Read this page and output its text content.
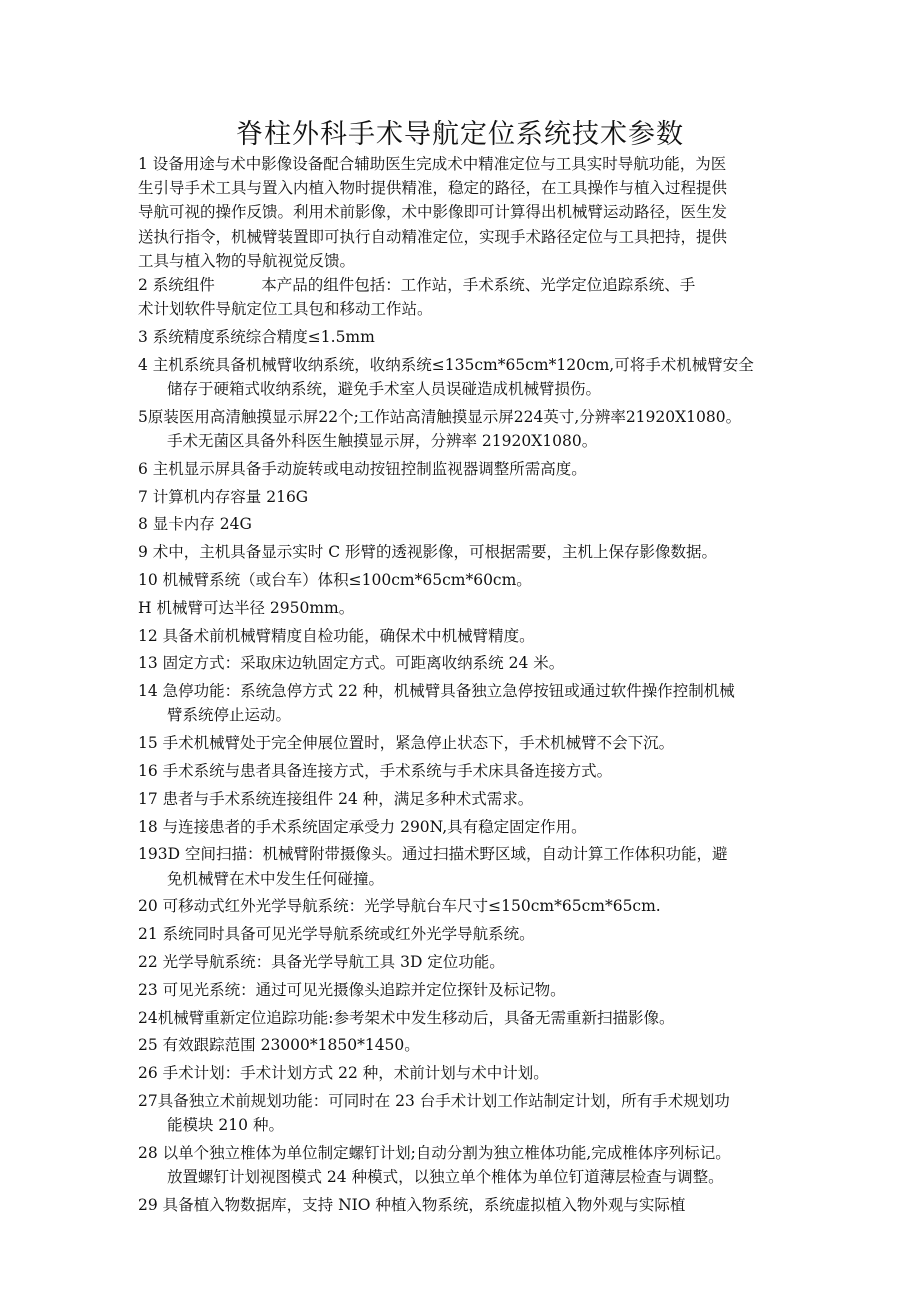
脊柱外科手术导航定位系统技术参数
1 设备用途与术中影像设备配合辅助医生完成术中精准定位与工具实时导航功能，为医
生引导手术工具与置入内植入物时提供精准，稳定的路径，在工具操作与植入过程提供
导航可视的操作反馈。利用术前影像，术中影像即可计算得出机械臂运动路径，医生发
送执行指令，机械臂装置即可执行自动精准定位，实现手术路径定位与工具把持，提供
工具与植入物的导航视觉反馈。
2 系统组件　　　本产品的组件包括：工作站，手术系统、光学定位追踪系统、手
术计划软件导航定位工具包和移动工作站。
3 系统精度系统综合精度≤1.5mm
4 主机系统具备机械臂收纳系统，收纳系统≤135cm*65cm*120cm,可将手术机械臂安全
储存于硬箱式收纳系统，避免手术室人员误碰造成机械臂损伤。
5原装医用高清触摸显示屏22个;工作站高清触摸显示屏224英寸,分辨率21920X1080。
手术无菌区具备外科医生触摸显示屏，分辨率 21920X1080。
6 主机显示屏具备手动旋转或电动按钮控制监视器调整所需高度。
7 计算机内存容量 216G
8 显卡内存 24G
9 术中，主机具备显示实时 C 形臂的透视影像，可根据需要，主机上保存影像数据。
10 机械臂系统（或台车）体积≤100cm*65cm*60cm。
H 机械臂可达半径 2950mm。
12 具备术前机械臂精度自检功能，确保术中机械臂精度。
13 固定方式：采取床边轨固定方式。可距离收纳系统 24 米。
14 急停功能：系统急停方式 22 种，机械臂具备独立急停按钮或通过软件操作控制机械
臂系统停止运动。
15 手术机械臂处于完全伸展位置时，紧急停止状态下，手术机械臂不会下沉。
16 手术系统与患者具备连接方式，手术系统与手术床具备连接方式。
17 患者与手术系统连接组件 24 种，满足多种术式需求。
18 与连接患者的手术系统固定承受力 290N,具有稳定固定作用。
193D 空间扫描：机械臂附带摄像头。通过扫描术野区域，自动计算工作体积功能，避
免机械臂在术中发生任何碰撞。
20 可移动式红外光学导航系统：光学导航台车尺寸≤150cm*65cm*65cm.
21 系统同时具备可见光学导航系统或红外光学导航系统。
22 光学导航系统：具备光学导航工具 3D 定位功能。
23 可见光系统：通过可见光摄像头追踪并定位探针及标记物。
24机械臂重新定位追踪功能:参考架术中发生移动后，具备无需重新扫描影像。
25 有效跟踪范围 23000*1850*1450。
26 手术计划：手术计划方式 22 种，术前计划与术中计划。
27具备独立术前规划功能：可同时在 23 台手术计划工作站制定计划，所有手术规划功
能模块 210 种。
28 以单个独立椎体为单位制定螺钉计划;自动分割为独立椎体功能,完成椎体序列标记。
放置螺钉计划视图模式 24 种模式，以独立单个椎体为单位钉道薄层检查与调整。
29 具备植入物数据库，支持 NIO 种植入物系统，系统虚拟植入物外观与实际植
